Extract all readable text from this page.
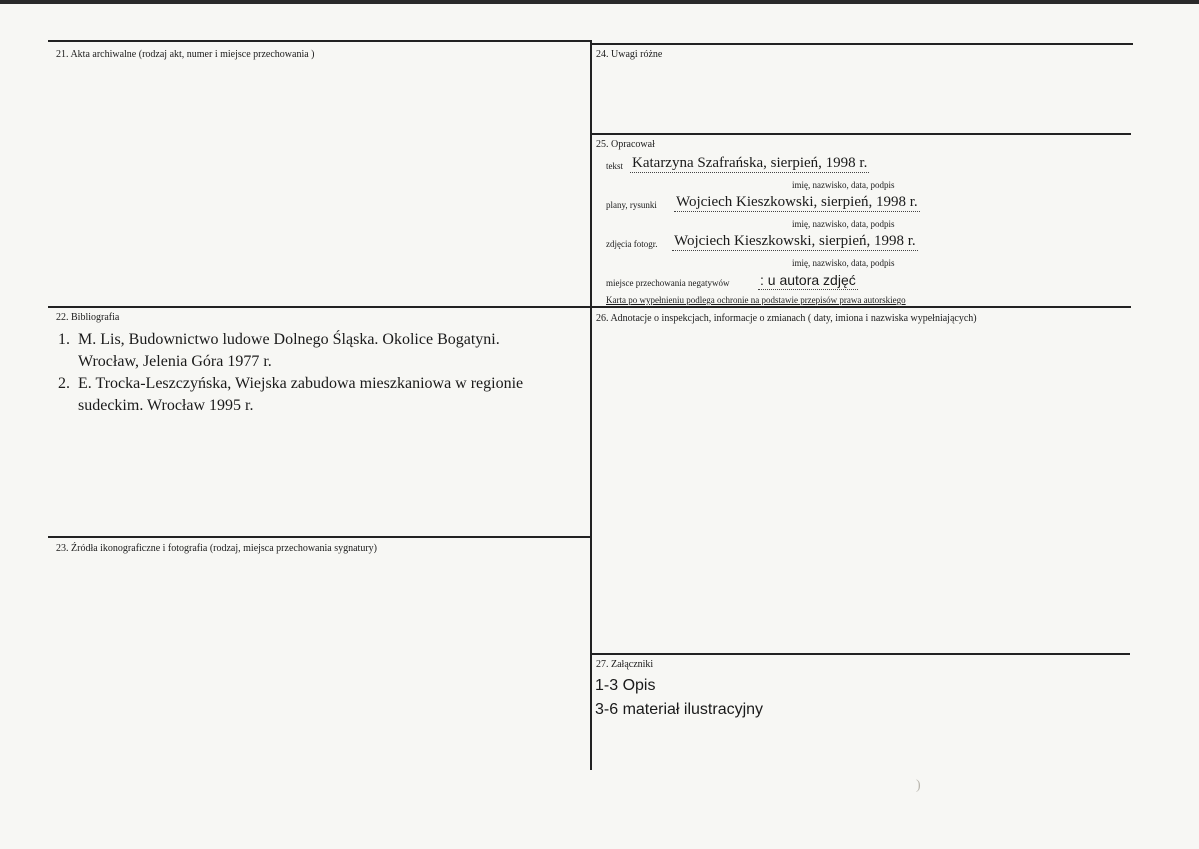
21. Akta archiwalne (rodzaj akt, numer i miejsce przechowania )	24. Uwagi różne
25. Opracował
tekst Katarzyna Szafrańska, sierpień, 1998 r.
imię, nazwisko, data, podpis
plany, rysunki Wojciech Kieszkowski, sierpień, 1998 r.
imię, nazwisko, data, podpis
zdjęcia fotogr. Wojciech Kieszkowski, sierpień, 1998 r.
imię, nazwisko, data, podpis
miejsce przechowania negatywów : u autora zdjęć
Karta po wypełnieniu podlega ochronie na podstawie przepisów prawa autorskiego
22. Bibliografia
1. M. Lis, Budownictwo ludowe Dolnego Śląska. Okolice Bogatyni. Wrocław, Jelenia Góra 1977 r.
2. E. Trocka-Leszczyńska, Wiejska zabudowa mieszkaniowa w regionie sudeckim. Wrocław 1995 r.
26. Adnotacje o inspekcjach, informacje o zmianach ( daty, imiona i nazwiska wypełniających)
23. Źródła ikonograficzne i fotografia (rodzaj, miejsca przechowania sygnatury)
27. Załączniki
1-3 Opis
3-6 materiał ilustracyjny
)
